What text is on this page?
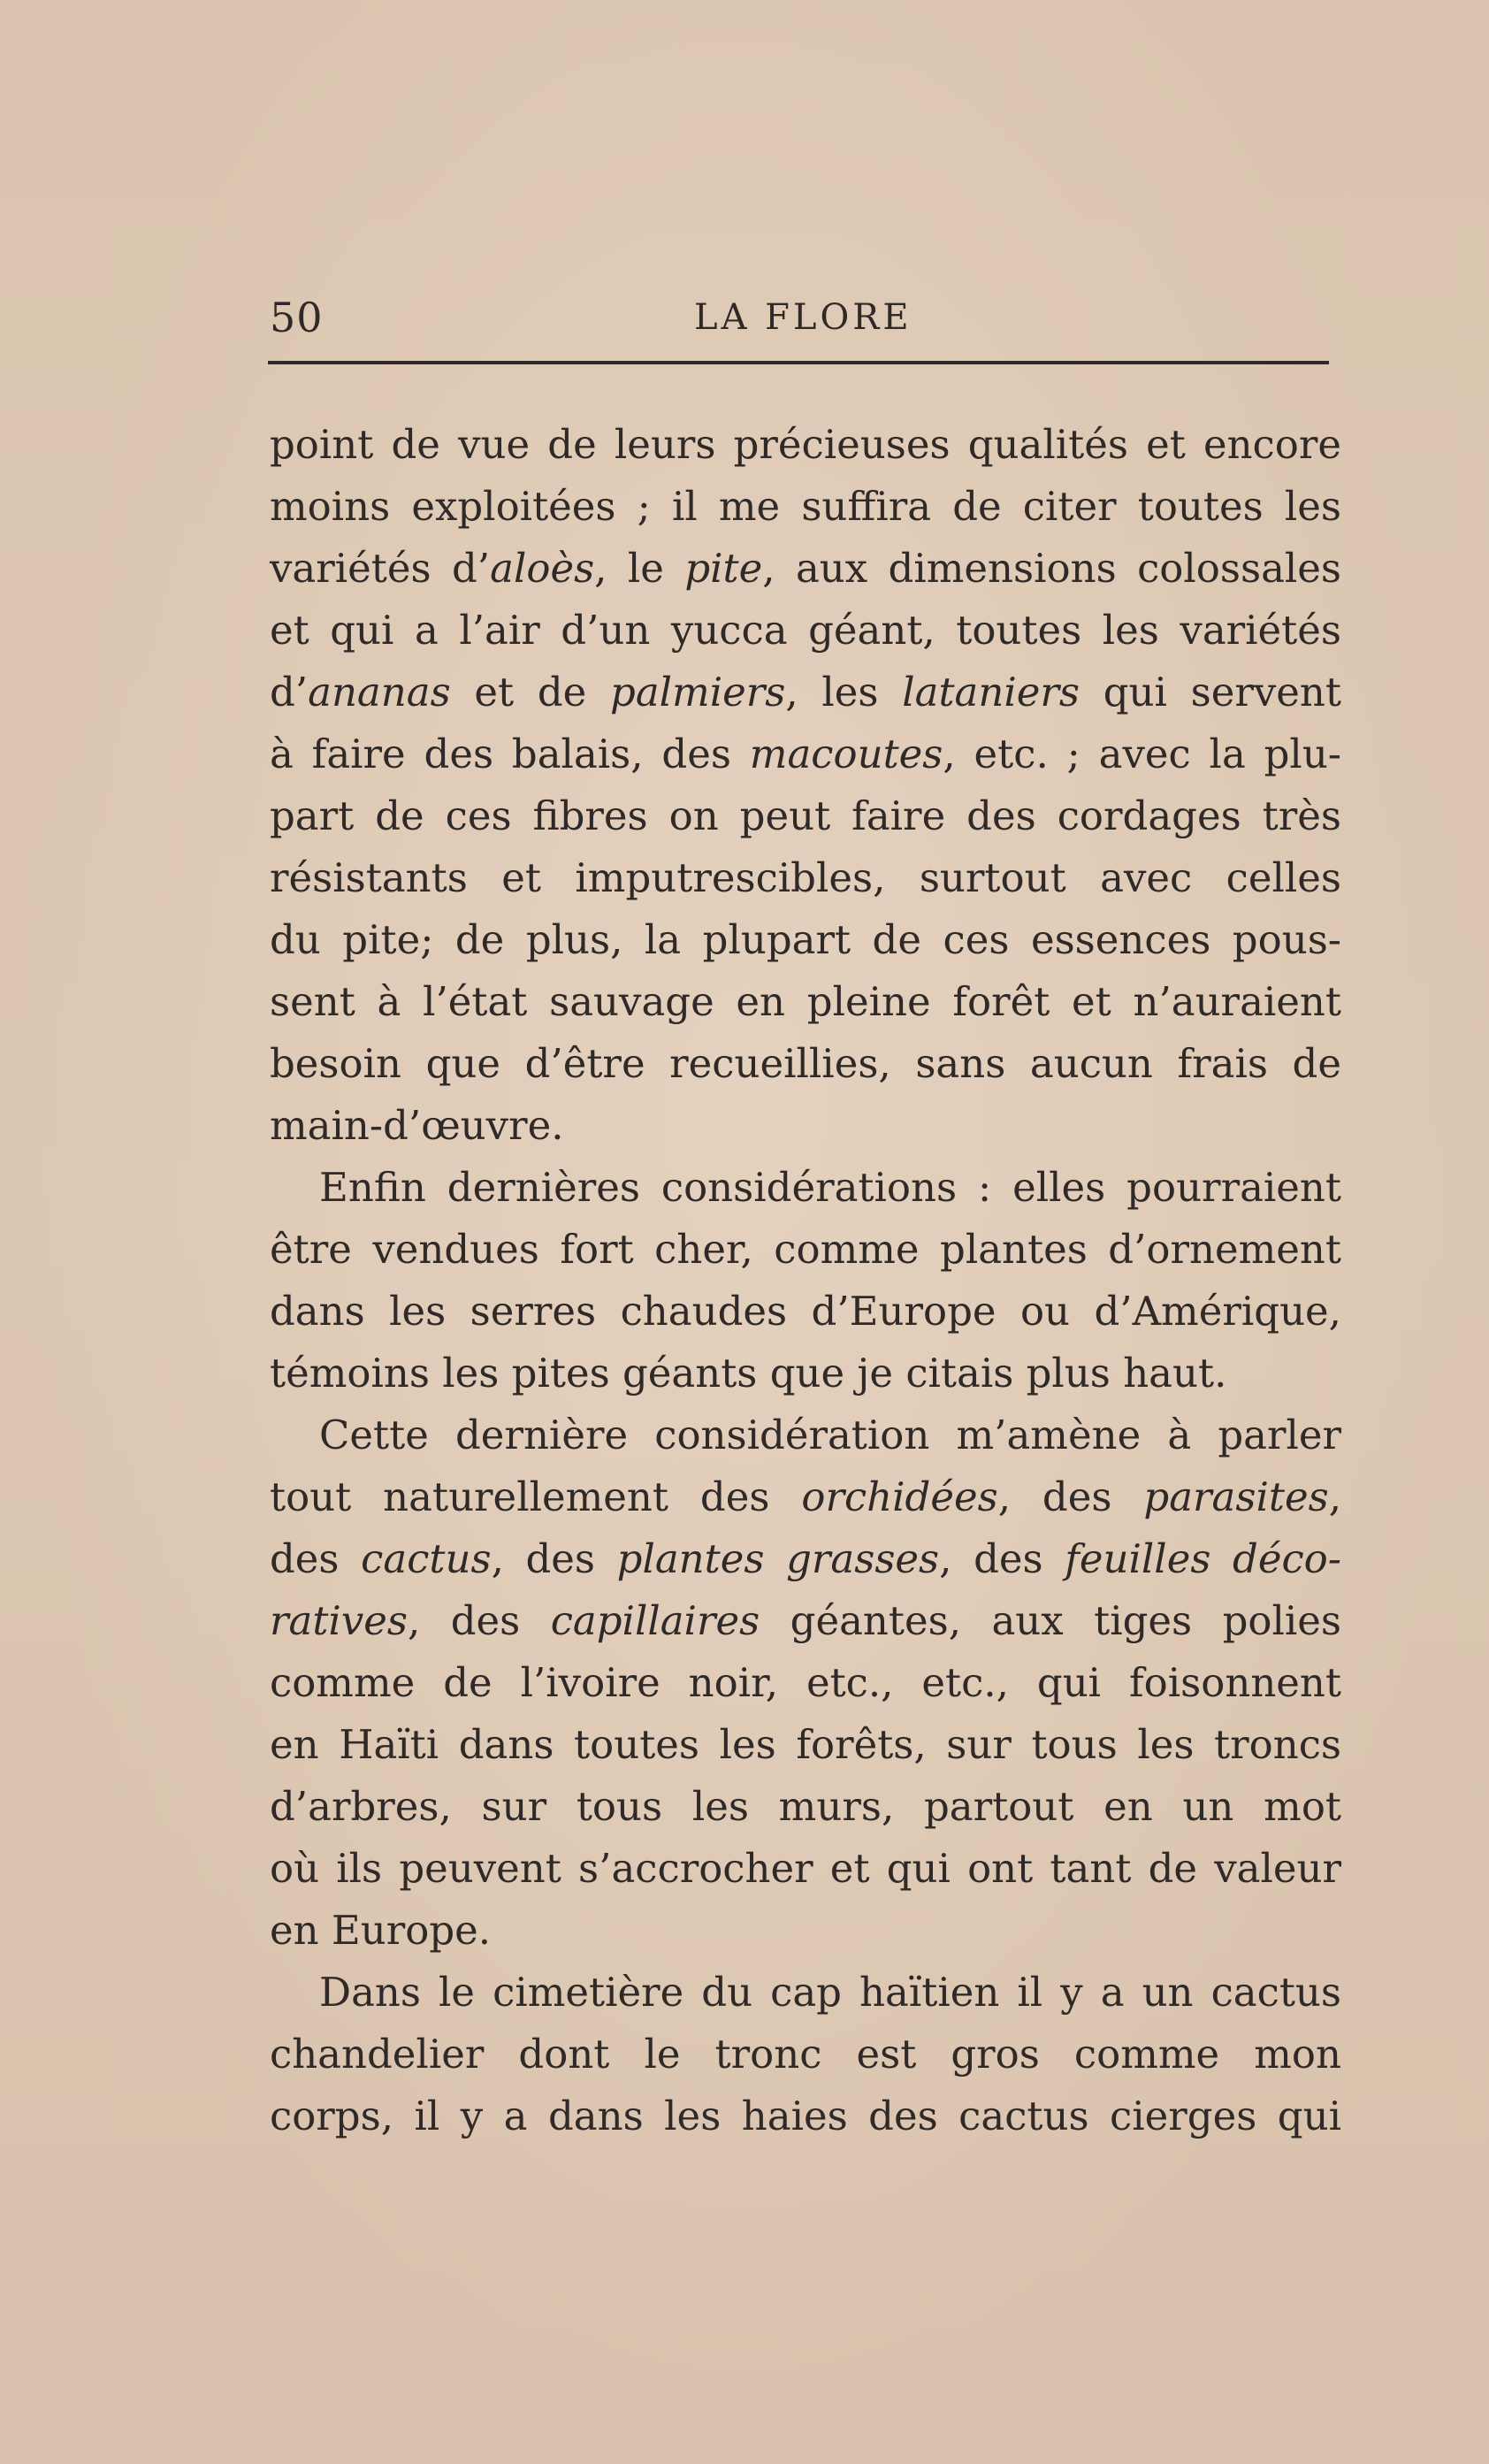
50	LA FLORE
point de vue de leurs précieuses qualités et encore
moins exploitées ; il me suffira de citer toutes les
variétés d’aloès, le pite, aux dimensions colossales
et qui a l’air d’un yucca géant, toutes les variétés
d’ananas et de palmiers, les lataniers qui servent
à faire des balais, des macoutes, etc. ; avec la plu-
part de ces fibres on peut faire des cordages très
résistants et imputrescibles, surtout avec celles
du pite; de plus, la plupart de ces essences pous-
sent à l’état sauvage en pleine forêt et n’auraient
besoin que d’être recueillies, sans aucun frais de
main-d’œuvre.
Enfin dernières considérations : elles pourraient
être vendues fort cher, comme plantes d’ornement
dans les serres chaudes d’Europe ou d’Amérique,
témoins les pites géants que je citais plus haut.
Cette dernière considération m’amène à parler
tout naturellement des orchidées, des parasites,
des cactus, des plantes grasses, des feuilles déco-
ratives, des capillaires géantes, aux tiges polies
comme de l’ivoire noir, etc., etc., qui foisonnent
en Haïti dans toutes les forêts, sur tous les troncs
d’arbres, sur tous les murs, partout en un mot
où ils peuvent s’accrocher et qui ont tant de valeur
en Europe.
Dans le cimetière du cap haïtien il y a un cactus
chandelier dont le tronc est gros comme mon
corps, il y a dans les haies des cactus cierges qui
